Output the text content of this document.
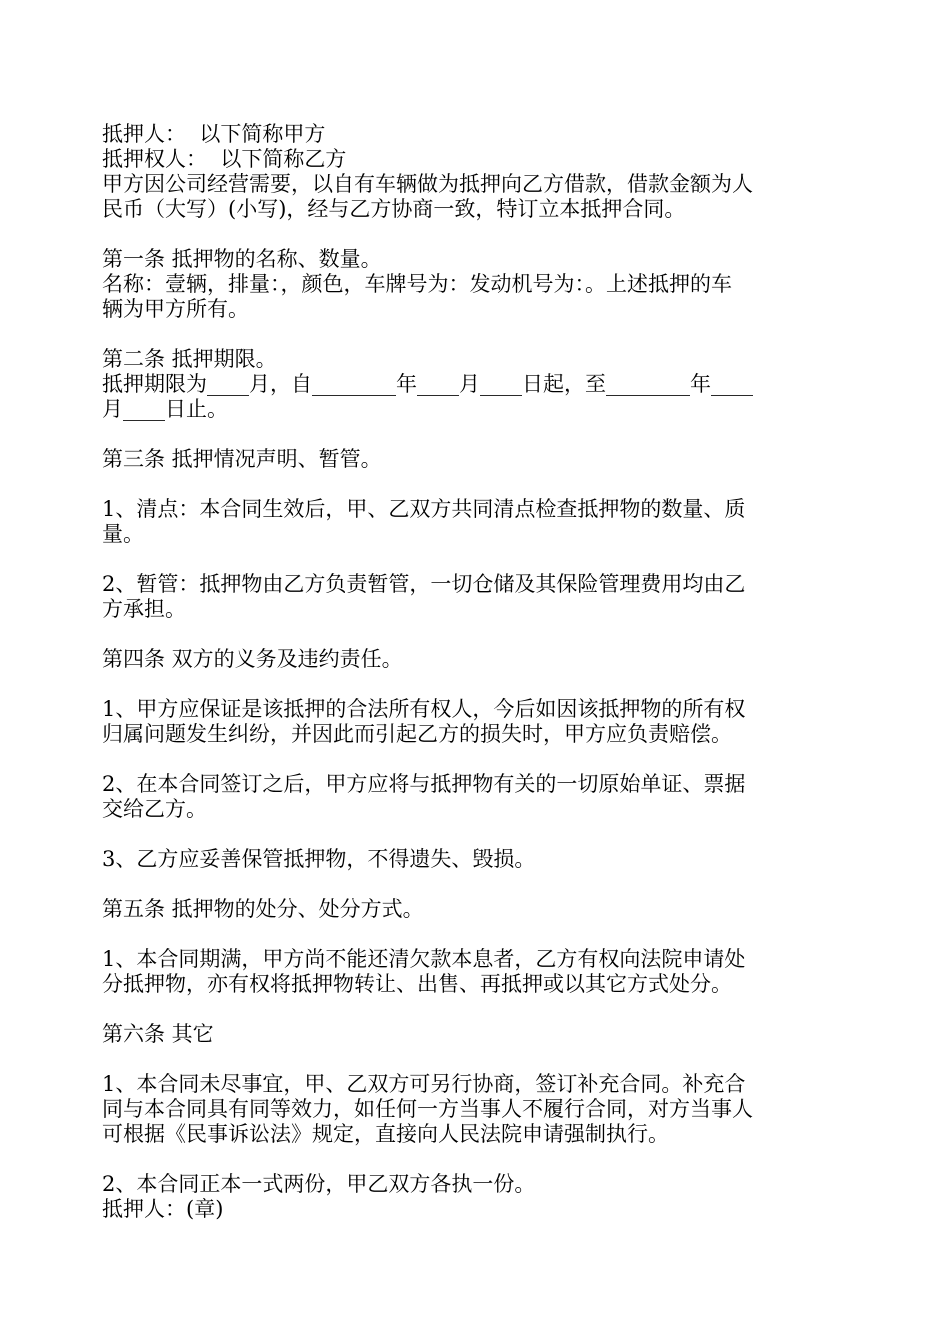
抵押人：  以下简称甲方
抵押权人：  以下简称乙方
甲方因公司经营需要，以自有车辆做为抵押向乙方借款，借款金额为人
民币（大写）(小写)，经与乙方协商一致，特订立本抵押合同。
第一条 抵押物的名称、数量。
名称：壹辆，排量：，颜色，车牌号为：发动机号为：。上述抵押的车
辆为甲方所有。
第二条 抵押期限。
抵押期限为____月，自________年____月____日起，至________年____
月____日止。
第三条 抵押情况声明、暂管。
1、清点：本合同生效后，甲、乙双方共同清点检查抵押物的数量、质
量。
2、暂管：抵押物由乙方负责暂管，一切仓储及其保险管理费用均由乙
方承担。
第四条 双方的义务及违约责任。
1、甲方应保证是该抵押的合法所有权人，今后如因该抵押物的所有权
归属问题发生纠纷，并因此而引起乙方的损失时，甲方应负责赔偿。
2、在本合同签订之后，甲方应将与抵押物有关的一切原始单证、票据
交给乙方。
3、乙方应妥善保管抵押物，不得遗失、毁损。
第五条 抵押物的处分、处分方式。
1、本合同期满，甲方尚不能还清欠款本息者，乙方有权向法院申请处
分抵押物，亦有权将抵押物转让、出售、再抵押或以其它方式处分。
第六条 其它
1、本合同未尽事宜，甲、乙双方可另行协商，签订补充合同。补充合
同与本合同具有同等效力，如任何一方当事人不履行合同，对方当事人
可根据《民事诉讼法》规定，直接向人民法院申请强制执行。
2、本合同正本一式两份，甲乙双方各执一份。
抵押人：(章)
